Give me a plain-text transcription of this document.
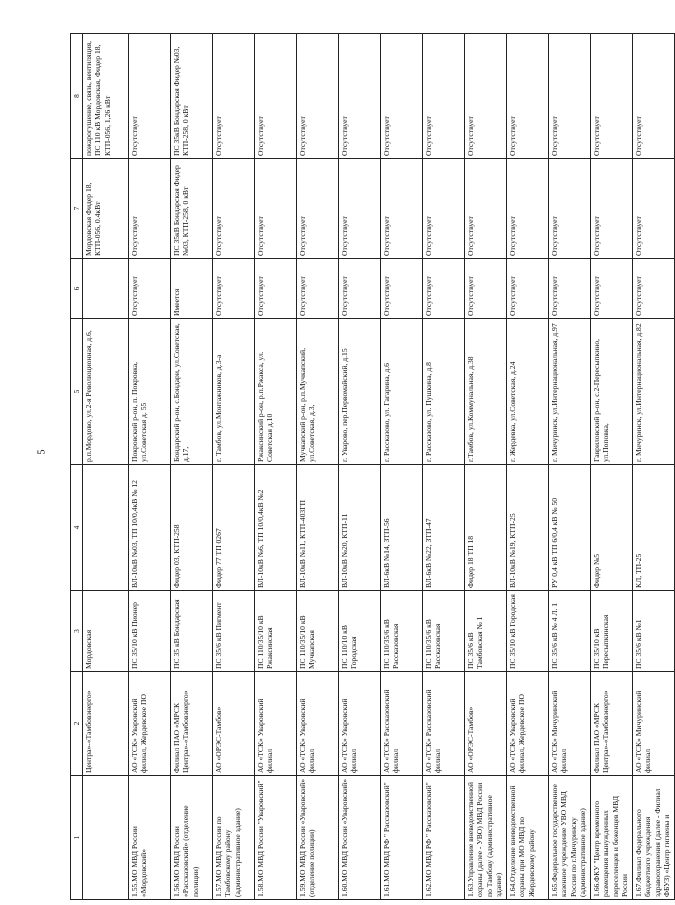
5
1	2	3	4	5	6	7	8
	Центра»-«Тамбовэнерго»	Мордовская		р.п.Мордово, ул.2-я Революционная, д.6,		Мордовская Фидер 18, КТП-056, 0.4кВт	пожарогушение, связь, вентиляция, ПС 110 кВ Мордовская, Фидер 18, КТП-056, 1,26 кВт
1.55.МО МВД России «Мордовский»	АО «ТСК» Уваровский филиал, Жердевское ПО	ПС 35/10 кВ Пионер	ВЛ-10кВ №03, ТП 10/0,4кВ № 12	Покровский р-он, п. Покровка, ул.Советская д. 55	Отсутствует	Отсутствует	Отсутствует
1.56.МО МВД России «Рассказовский» (отделение полиции)	Филиал ПАО «МРСК Центра»-«Тамбовэнерго»	ПС 35 кВ Бондарская	Фидер 03, КТП-258	Бондарский р-он, с.Бондари, ул.Советская, д.17,	Имеется	ПС 35кВ Бондарская Фидер №03, КТП-258, 0 кВт	ПС 35кВ Бондарская Фидер №03, КТП-258, 0 кВт
1.57.МО МВД России по Тамбовскому району (административное здание)	АО «ОРЭС-Тамбов»	ПС 35/6 кВ Пигмент	Фидер 77 ТП 0267	г. Тамбов, ул.Монтажников, д.3-а	Отсутствует	Отсутствует	Отсутствует
1.58.МО МВД России "Уваровский"	АО «ТСК» Уваровский филиал	ПС 110/35/10 кВ Ржаксинская	ВЛ-10кВ №6, ТП 10/0,4кВ №2	Ржаксинский р-он, р.п.Ржакса, ул. Советская д.10	Отсутствует	Отсутствует	Отсутствует
1.59.МО МВД России «Уваровский» (отделение полиции)	АО «ТСК» Уваровский филиал	ПС 110/35/10 кВ Мучкапская	ВЛ-10кВ №11, КТП-403ГП	Мучкапский р-он, р.п.Мучкапский, ул.Советская, д.3,	Отсутствует	Отсутствует	Отсутствует
1.60.МО МВД России «Уваровский»	АО «ТСК» Уваровский филиал	ПС 110/10 кВ Городская	ВЛ-10кВ №20, КТП-11	г. Уварово, пер.Первомайский, д.15	Отсутствует	Отсутствует	Отсутствует
1.61.МО МВД РФ " Рассказовский"	АО «ТСК» Рассказовский филиал	ПС 110/35/6 кВ Рассказовская	ВЛ-6кВ №14, ЗТП-56	г. Рассказово, ул. Гагарина, д.6	Отсутствует	Отсутствует	Отсутствует
1.62.МО МВД РФ " Рассказовский"	АО «ТСК» Рассказовский филиал	ПС 110/35/6 кВ Рассказовская	ВЛ-6кВ №22, ЗТП-47	г. Рассказово, ул. Пушкина, д.8	Отсутствует	Отсутствует	Отсутствует
1.63.Управление вневедомственной охраны (далее - УВО) МВД России по Тамбову (административное здание)	АО «ОРЭС-Тамбов»	ПС 35/6 кВ Тамбовская № 1	Фидер 18 ТП 18	г.Тамбов, ул.Коммунальная, д.38	Отсутствует	Отсутствует	Отсутствует
1.64.Отделение вневедомственной охраны при МО МВД по Жердевскому району	АО «ТСК» Уваровский филиал, Жердевское ПО	ПС 35/10 кВ Городская	ВЛ-10кВ №19, КТП-25	г. Жердевка, ул.Советская, д.24	Отсутствует	Отсутствует	Отсутствует
1.65.Федеральное государственное казенное учреждение УВО МВД России по г.Мичуринску (административное здание)	АО «ТСК» Мичуринский филиал	ПС 35/6 кВ № 4 Л. 1	РУ 0,4 кВ ТП 6/0,4 кВ № 50	г. Мичуринск, ул.Интернациональная, д.97	Отсутствует	Отсутствует	Отсутствует
1.66.ФКУ "Центр временного размещения вынужденных переселенцев и беженцев МВД России	Филиал ПАО «МРСК Центра»-«Тамбовэнерго»	ПС 35/10 кВ Пересыпкинская	Фидер №5	Гавриловский р-он, с.2-Пересыпкино, ул.Поповка,	Отсутствует	Отсутствует	Отсутствует
1.67.Филиал Федерального бюджетного учреждения здравоохранения (далее - Филиал ФБУЗ) «Центр гигиены и	АО «ТСК» Мичуринский филиал	ПС 35/6 кВ №1	КЛ, ТП-25	г. Мичуринск, ул.Интернациональная, д.82	Отсутствует	Отсутствует	Отсутствует
